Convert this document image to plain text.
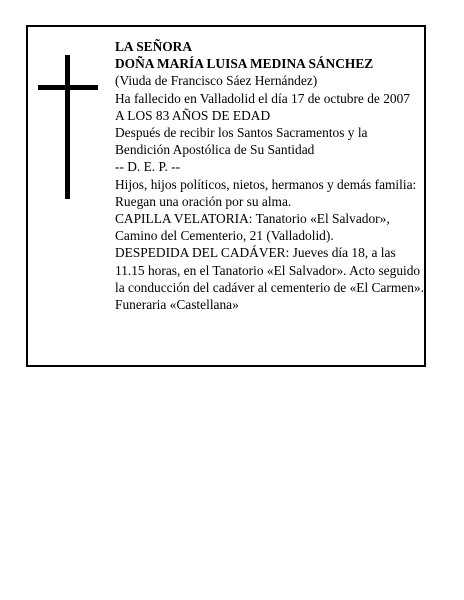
LA SEÑORA
DOÑA MARÍA LUISA MEDINA SÁNCHEZ
(Viuda de Francisco Sáez Hernández)
Ha fallecido en Valladolid el día 17 de octubre de 2007
A LOS 83 AÑOS DE EDAD
Después de recibir los Santos Sacramentos y la
Bendición Apostólica de Su Santidad
-- D. E. P. --
Hijos, hijos políticos, nietos, hermanos y demás familia:
Ruegan una oración por su alma.
CAPILLA VELATORIA: Tanatorio «El Salvador»,
Camino del Cementerio, 21 (Valladolid).
DESPEDIDA DEL CADÁVER: Jueves día 18, a las
11.15 horas, en el Tanatorio «El Salvador». Acto seguido
la conducción del cadáver al cementerio de «El Carmen».
Funeraria «Castellana»
